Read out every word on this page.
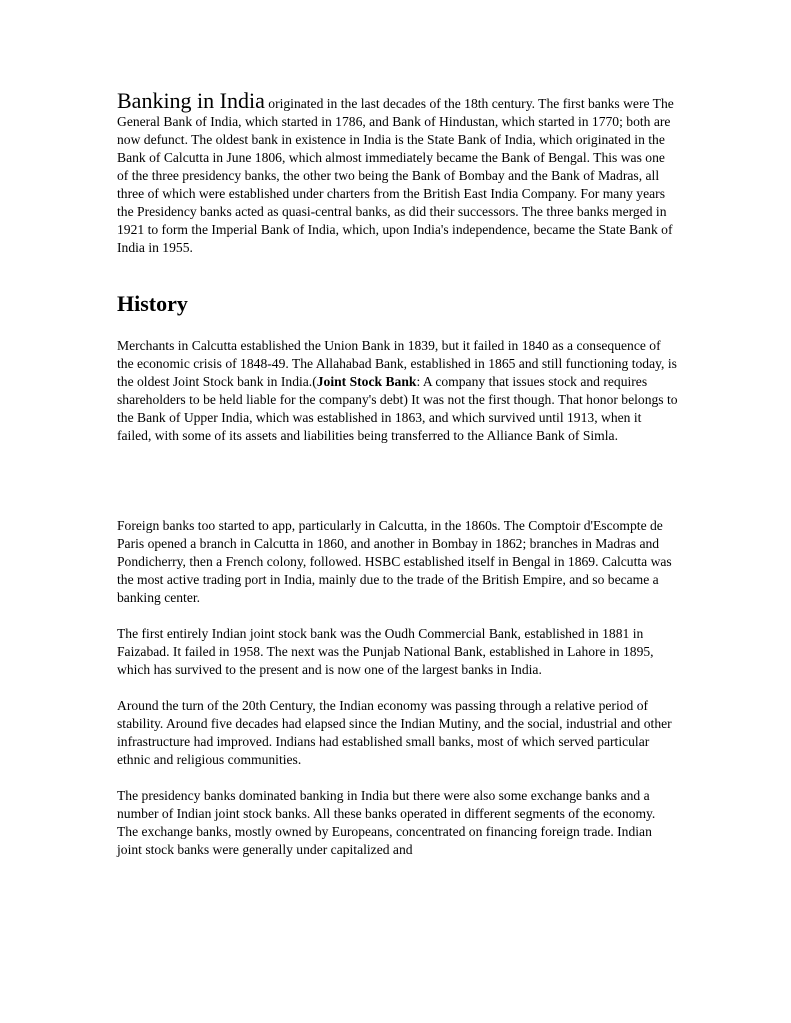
Banking in India originated in the last decades of the 18th century. The first banks were The General Bank of India, which started in 1786, and Bank of Hindustan, which started in 1770; both are now defunct. The oldest bank in existence in India is the State Bank of India, which originated in the Bank of Calcutta in June 1806, which almost immediately became the Bank of Bengal. This was one of the three presidency banks, the other two being the Bank of Bombay and the Bank of Madras, all three of which were established under charters from the British East India Company. For many years the Presidency banks acted as quasi-central banks, as did their successors. The three banks merged in 1921 to form the Imperial Bank of India, which, upon India's independence, became the State Bank of India in 1955.

History

Merchants in Calcutta established the Union Bank in 1839, but it failed in 1840 as a consequence of the economic crisis of 1848-49. The Allahabad Bank, established in 1865 and still functioning today, is the oldest Joint Stock bank in India.(Joint Stock Bank: A company that issues stock and requires shareholders to be held liable for the company's debt) It was not the first though. That honor belongs to the Bank of Upper India, which was established in 1863, and which survived until 1913, when it failed, with some of its assets and liabilities being transferred to the Alliance Bank of Simla.

Foreign banks too started to app, particularly in Calcutta, in the 1860s. The Comptoir d'Escompte de Paris opened a branch in Calcutta in 1860, and another in Bombay in 1862; branches in Madras and Pondicherry, then a French colony, followed. HSBC established itself in Bengal in 1869. Calcutta was the most active trading port in India, mainly due to the trade of the British Empire, and so became a banking center.

The first entirely Indian joint stock bank was the Oudh Commercial Bank, established in 1881 in Faizabad. It failed in 1958. The next was the Punjab National Bank, established in Lahore in 1895, which has survived to the present and is now one of the largest banks in India.

Around the turn of the 20th Century, the Indian economy was passing through a relative period of stability. Around five decades had elapsed since the Indian Mutiny, and the social, industrial and other infrastructure had improved. Indians had established small banks, most of which served particular ethnic and religious communities.

The presidency banks dominated banking in India but there were also some exchange banks and a number of Indian joint stock banks. All these banks operated in different segments of the economy. The exchange banks, mostly owned by Europeans, concentrated on financing foreign trade. Indian joint stock banks were generally under capitalized and
